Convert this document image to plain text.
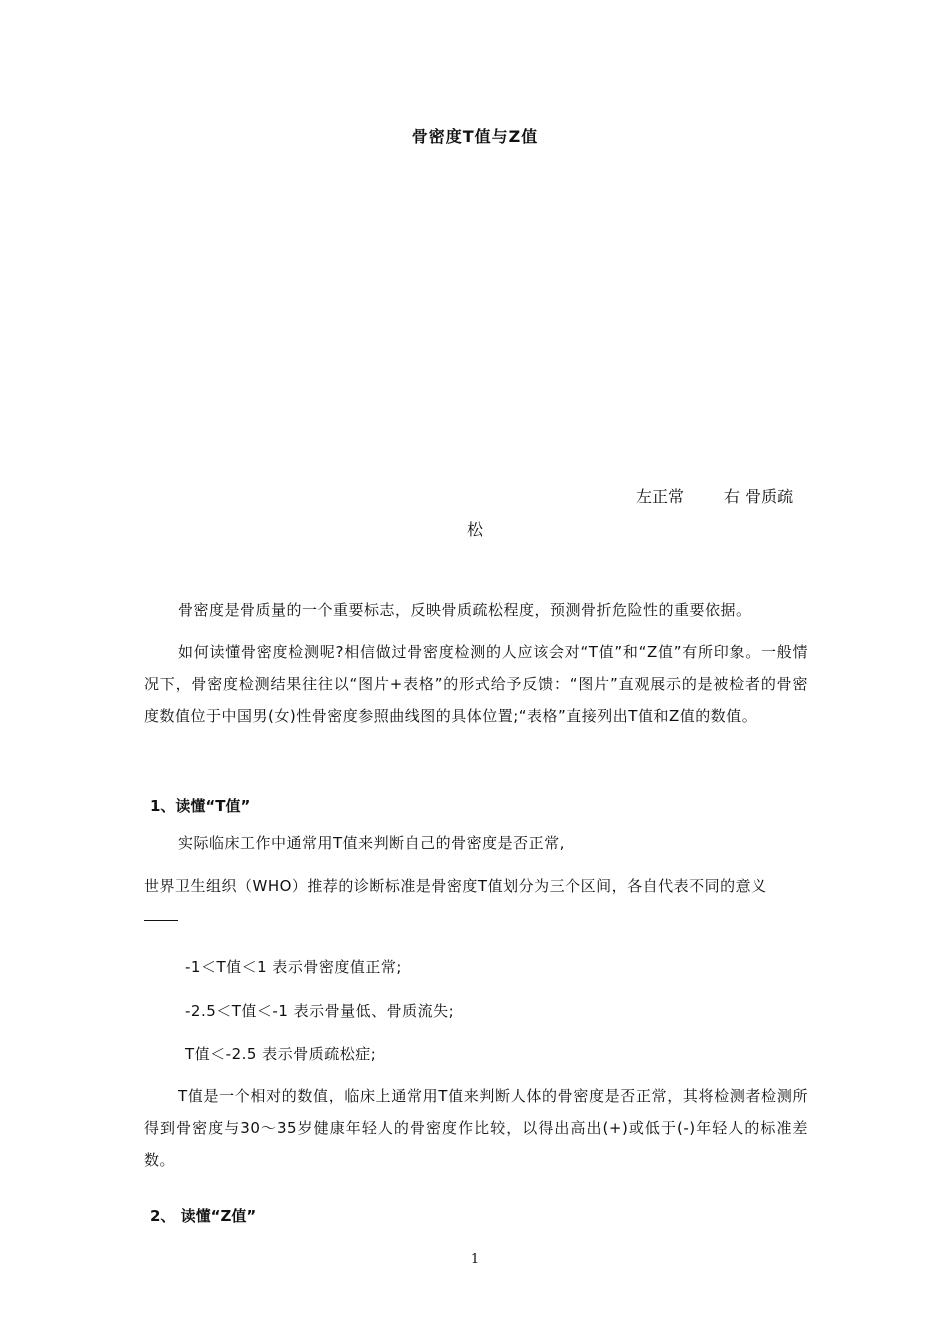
骨密度T值与Z值
左正常	右 骨质疏
松
骨密度是骨质量的一个重要标志，反映骨质疏松程度，预测骨折危险性的重要依据。
如何读懂骨密度检测呢?相信做过骨密度检测的人应该会对“T值”和“Z值”有所印象。一般情况下，骨密度检测结果往往以“图片+表格”的形式给予反馈：“图片”直观展示的是被检者的骨密度数值位于中国男(女)性骨密度参照曲线图的具体位置;“表格”直接列出T值和Z值的数值。
1、读懂“T值”
实际临床工作中通常用T值来判断自己的骨密度是否正常,
世界卫生组织（WHO）推荐的诊断标准是骨密度T值划分为三个区间，各自代表不同的意义
-1＜T值＜1 表示骨密度值正常;
-2.5＜T值＜-1 表示骨量低、骨质流失;
T值＜-2.5 表示骨质疏松症;
T值是一个相对的数值，临床上通常用T值来判断人体的骨密度是否正常，其将检测者检测所得到骨密度与30～35岁健康年轻人的骨密度作比较，以得出高出(+)或低于(-)年轻人的标准差数。
2、 读懂“Z值”
1
